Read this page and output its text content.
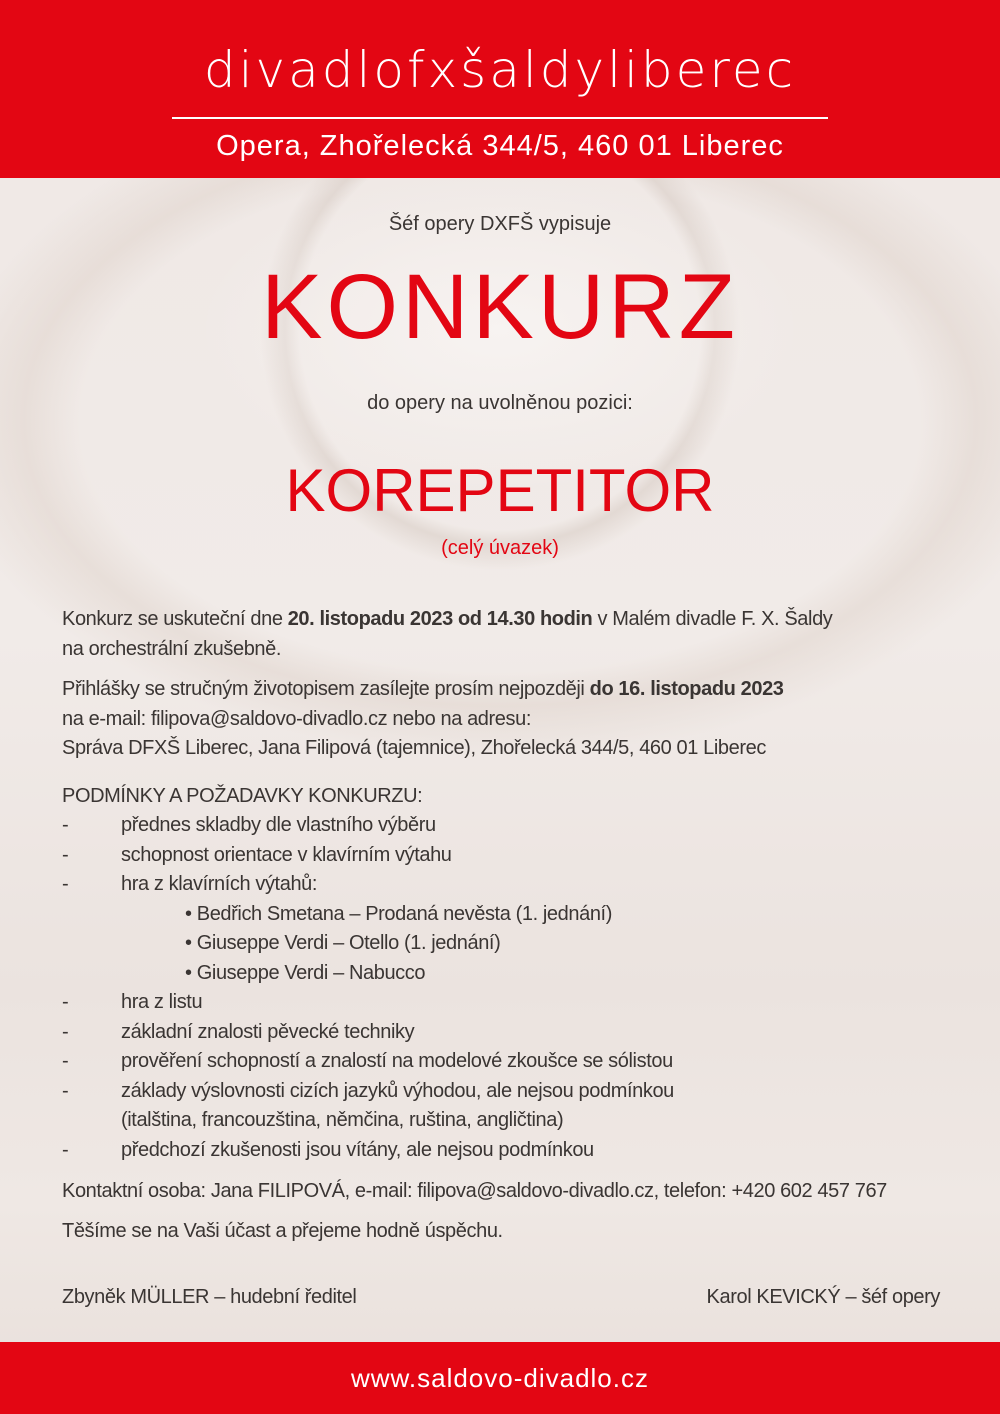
divadlofxšaldyliberec
Opera, Zhořelecká 344/5, 460 01 Liberec
Šéf opery DXFŠ vypisuje
KONKURZ
do opery na uvolněnou pozici:
KOREPETITOR
(celý úvazek)
Konkurz se uskuteční dne 20. listopadu 2023 od 14.30 hodin v Malém divadle F. X. Šaldy
na orchestrální zkušebně.
Přihlášky se stručným životopisem zasílejte prosím nejpozději do 16. listopadu 2023
na e-mail: filipova@saldovo-divadlo.cz nebo na adresu:
Správa DFXŠ Liberec, Jana Filipová (tajemnice), Zhořelecká 344/5, 460 01 Liberec
PODMÍNKY A POŽADAVKY KONKURZU:
-	přednes skladby dle vlastního výběru
-	schopnost orientace v klavírním výtahu
-	hra z klavírních výtahů:
• Bedřich Smetana – Prodaná nevěsta (1. jednání)
• Giuseppe Verdi – Otello (1. jednání)
• Giuseppe Verdi – Nabucco
-	hra z listu
-	základní znalosti pěvecké techniky
-	prověření schopností a znalostí na modelové zkoušce se sólistou
-	základy výslovnosti cizích jazyků výhodou, ale nejsou podmínkou
(italština, francouzština, němčina, ruština, angličtina)
-	předchozí zkušenosti jsou vítány, ale nejsou podmínkou
Kontaktní osoba: Jana FILIPOVÁ, e-mail: filipova@saldovo-divadlo.cz, telefon: +420 602 457 767
Těšíme se na Vaši účast a přejeme hodně úspěchu.
Zbyněk MÜLLER – hudební ředitel	Karol KEVICKÝ – šéf opery
www.saldovo-divadlo.cz
